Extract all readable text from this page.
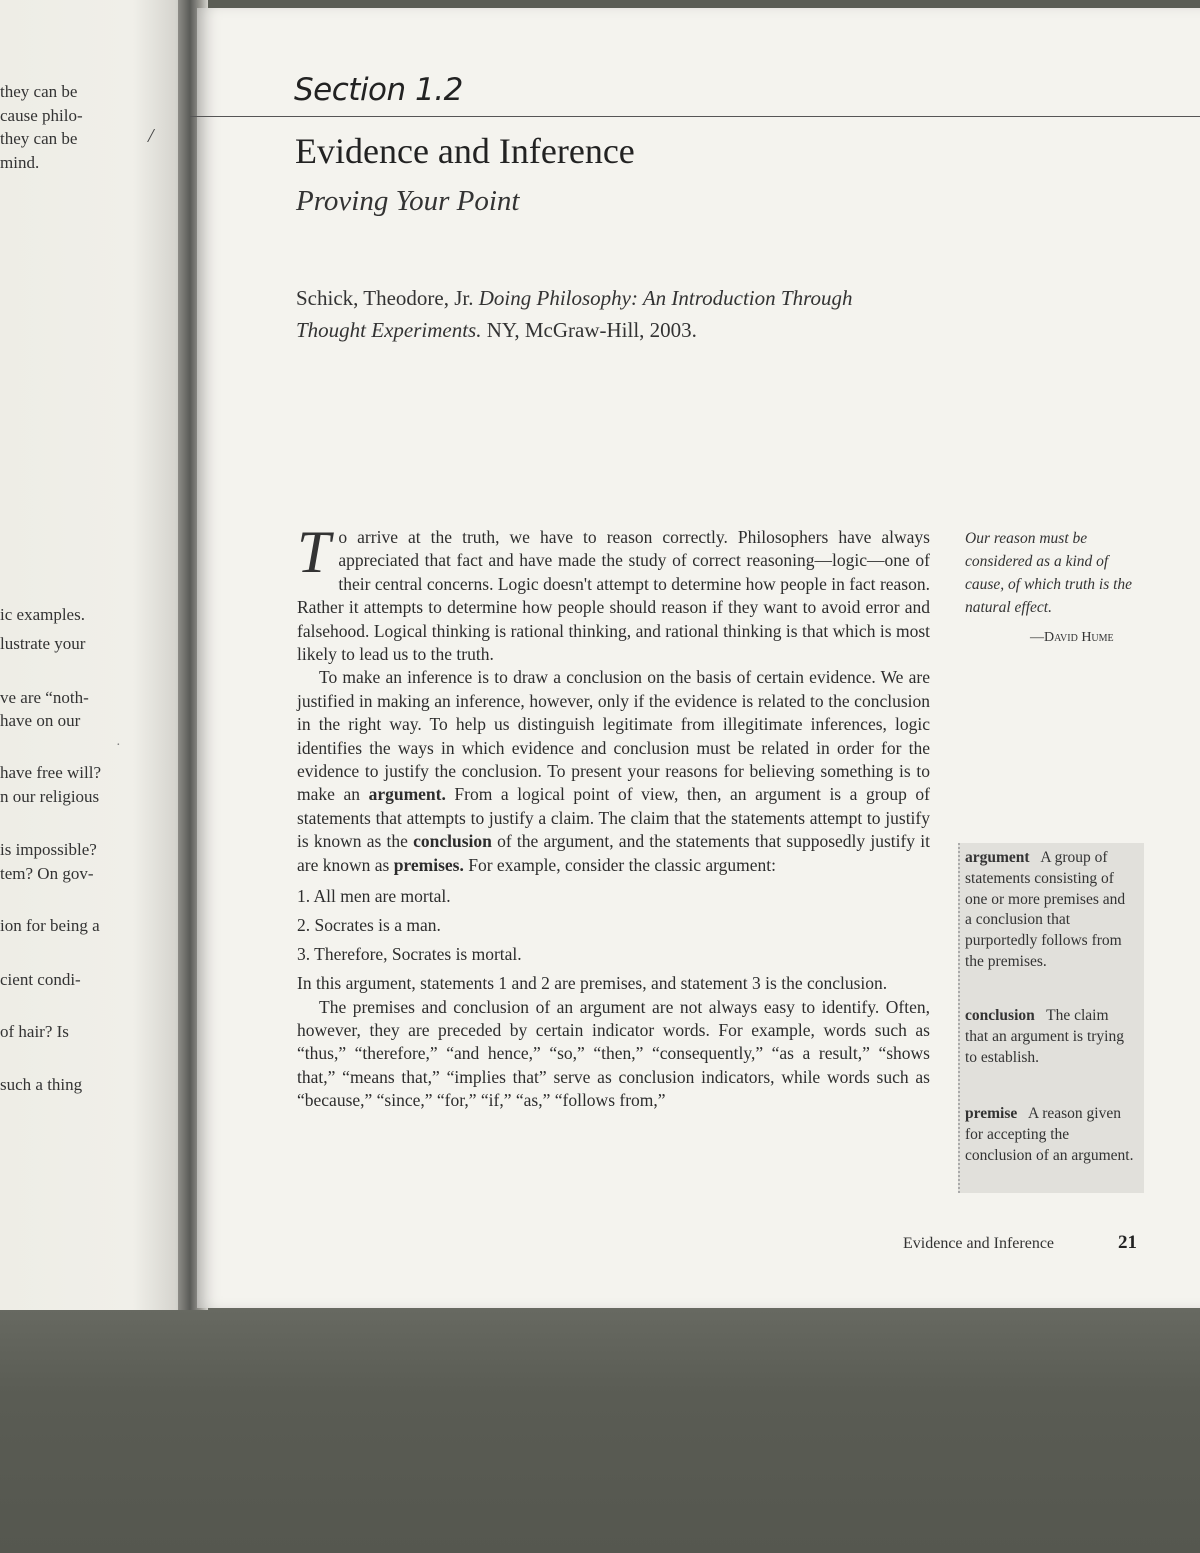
they can be
cause philo-
they can be
mind.
ic examples.
lustrate your
ve are “noth-
have on our
have free will?
n our religious
is impossible?
tem? On gov-
ion for being a
cient condi-
of hair? Is
such a thing
/
·
Section 1.2
Evidence and Inference
Proving Your Point
Schick, Theodore, Jr. Doing Philosophy: An Introduction Through Thought Experiments. NY, McGraw-Hill, 2003.

To arrive at the truth, we have to reason correctly. Philosophers have always appreciated that fact and have made the study of correct reasoning—logic—one of their central concerns. Logic doesn't attempt to determine how people in fact reason. Rather it attempts to determine how people should reason if they want to avoid error and falsehood. Logical thinking is rational thinking, and rational thinking is that which is most likely to lead us to the truth.

To make an inference is to draw a conclusion on the basis of certain evidence. We are justified in making an inference, however, only if the evidence is related to the conclusion in the right way. To help us distinguish legitimate from illegitimate inferences, logic identifies the ways in which evidence and conclusion must be related in order for the evidence to justify the conclusion. To present your reasons for believing something is to make an argument. From a logical point of view, then, an argument is a group of statements that attempts to justify a claim. The claim that the statements attempt to justify is known as the conclusion of the argument, and the statements that supposedly justify it are known as premises. For example, consider the classic argument:

1. All men are mortal.
2. Socrates is a man.
3. Therefore, Socrates is mortal.

In this argument, statements 1 and 2 are premises, and statement 3 is the conclusion.

The premises and conclusion of an argument are not always easy to identify. Often, however, they are preceded by certain indicator words. For example, words such as “thus,” “therefore,” “and hence,” “so,” “then,” “consequently,” “as a result,” “shows that,” “means that,” “implies that” serve as conclusion indicators, while words such as “because,” “since,” “for,” “if,” “as,” “follows from,”

Our reason must be considered as a kind of cause, of which truth is the natural effect.
—David Hume
argument A group of statements consisting of one or more premises and a conclusion that purportedly follows from the premises.
conclusion The claim that an argument is trying to establish.
premise A reason given for accepting the conclusion of an argument.
Evidence and Inference	21
